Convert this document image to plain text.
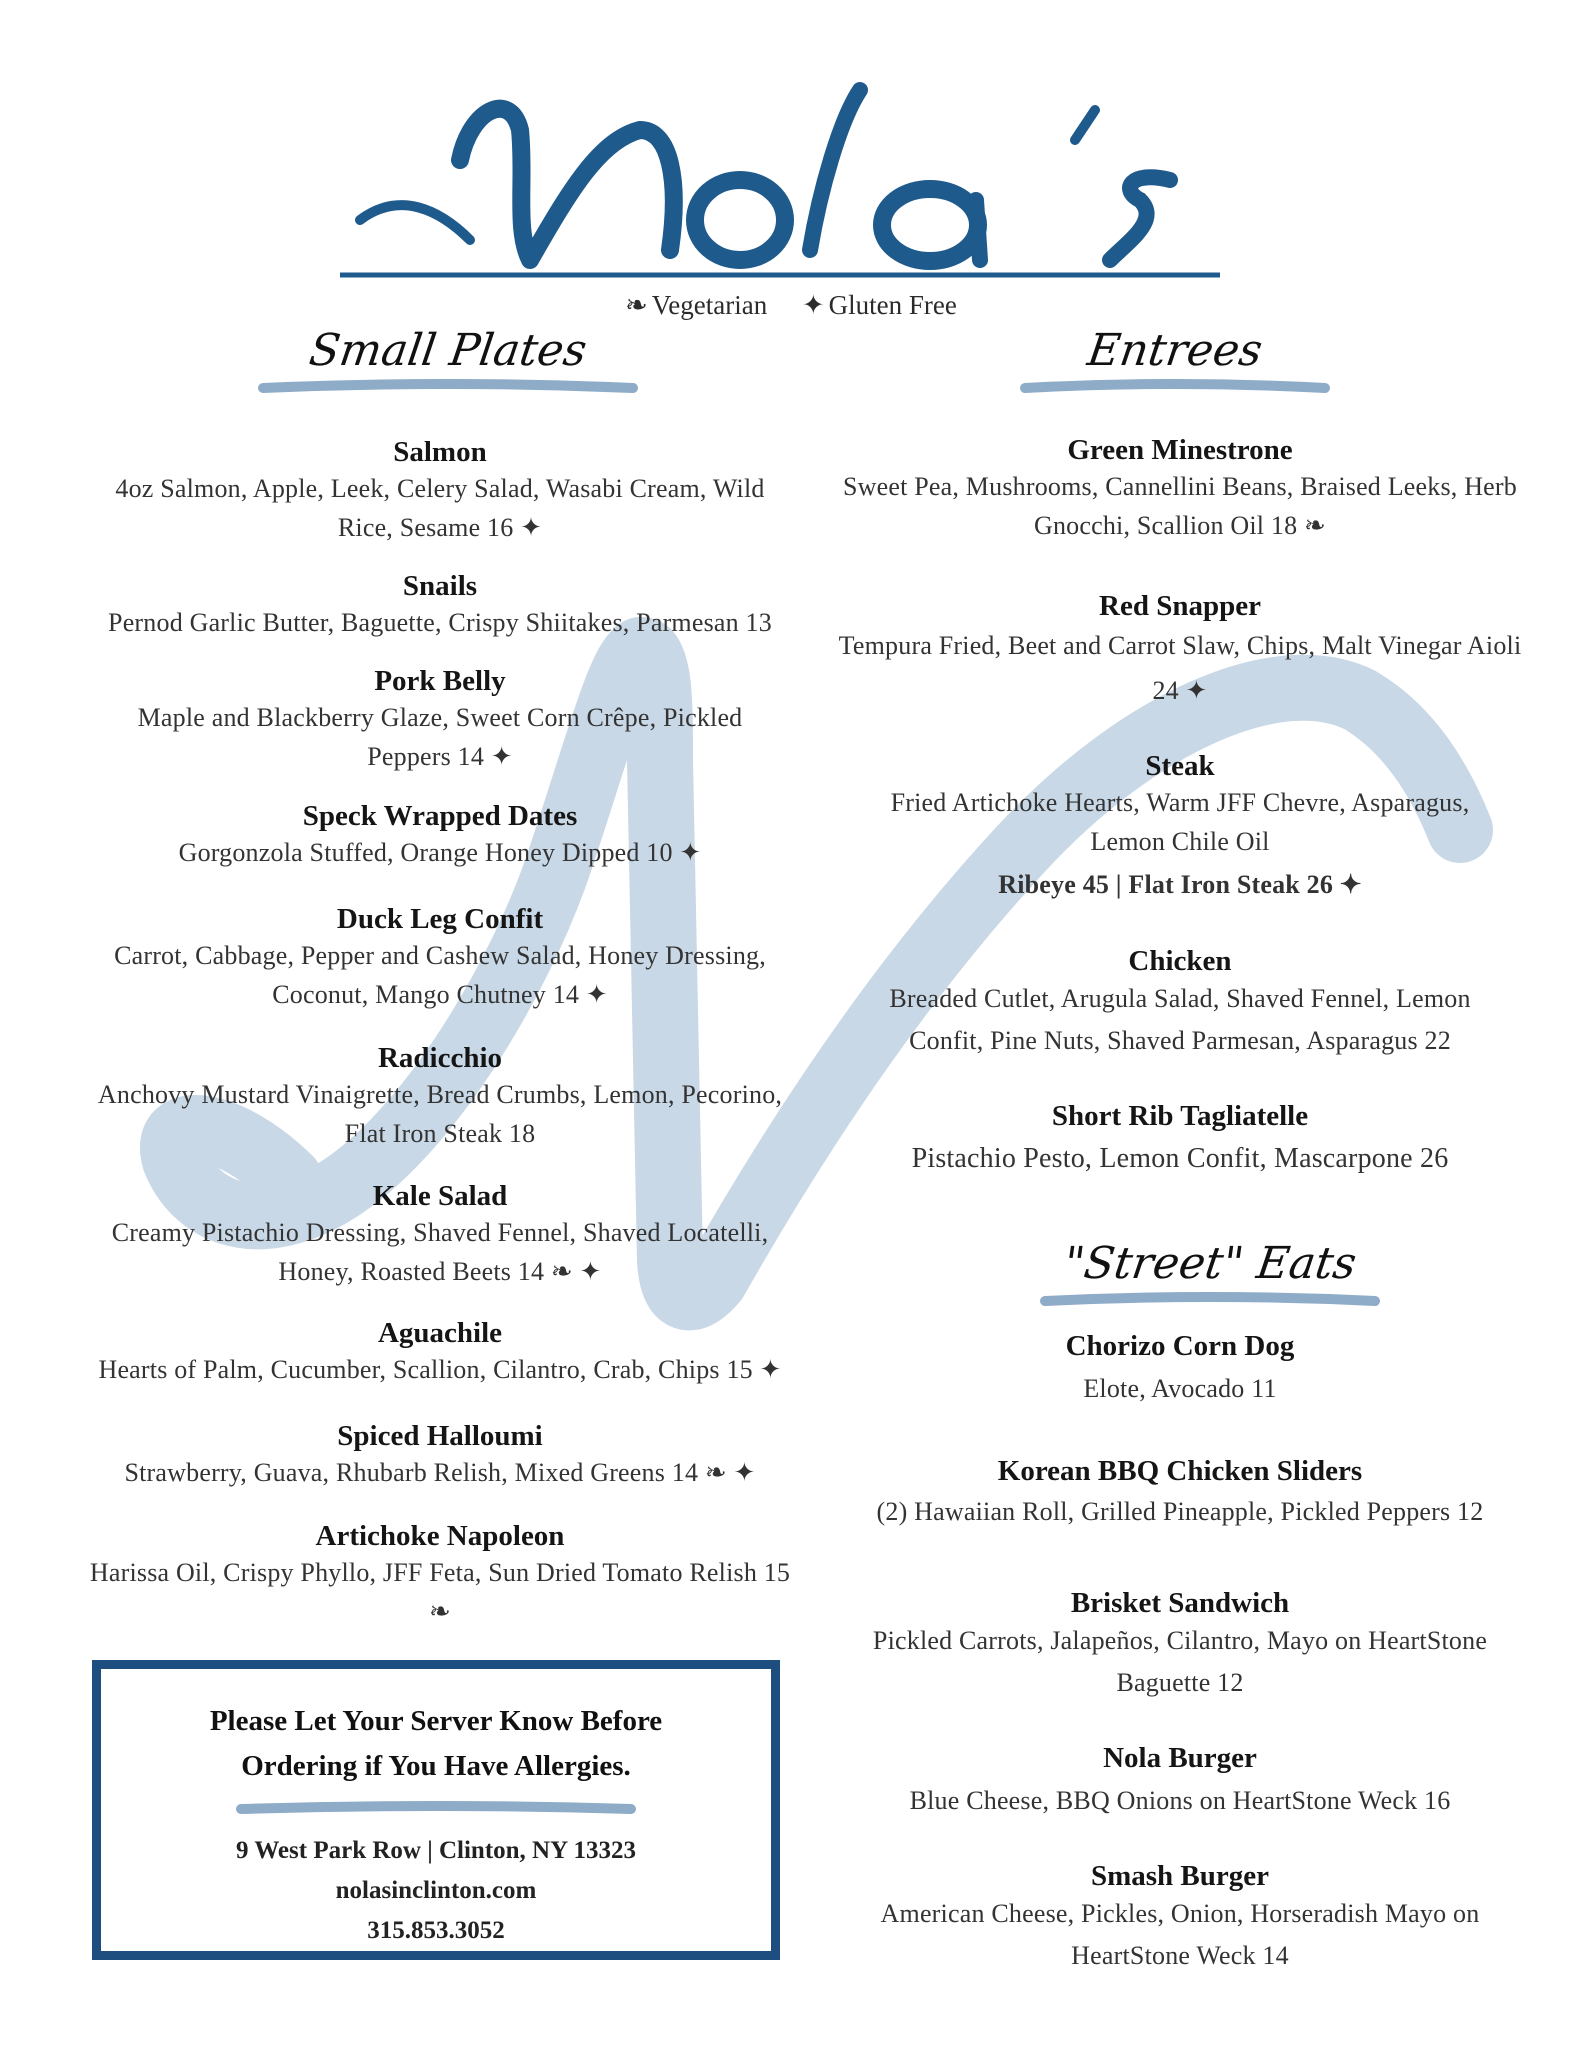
❧ Vegetarian ✦ Gluten Free
Small Plates	Entrees
"Street" Eats
Salmon
4oz Salmon, Apple, Leek, Celery Salad, Wasabi Cream, Wild Rice, Sesame 16 ✦
Snails
Pernod Garlic Butter, Baguette, Crispy Shiitakes, Parmesan 13
Pork Belly
Maple and Blackberry Glaze, Sweet Corn Crêpe, Pickled Peppers 14 ✦
Speck Wrapped Dates
Gorgonzola Stuffed, Orange Honey Dipped 10 ✦
Duck Leg Confit
Carrot, Cabbage, Pepper and Cashew Salad, Honey Dressing, Coconut, Mango Chutney 14 ✦
Radicchio
Anchovy Mustard Vinaigrette, Bread Crumbs, Lemon, Pecorino, Flat Iron Steak 18
Kale Salad
Creamy Pistachio Dressing, Shaved Fennel, Shaved Locatelli, Honey, Roasted Beets 14 ❧ ✦
Aguachile
Hearts of Palm, Cucumber, Scallion, Cilantro, Crab, Chips 15 ✦
Spiced Halloumi
Strawberry, Guava, Rhubarb Relish, Mixed Greens 14 ❧ ✦
Artichoke Napoleon
Harissa Oil, Crispy Phyllo, JFF Feta, Sun Dried Tomato Relish 15 ❧
Green Minestrone
Sweet Pea, Mushrooms, Cannellini Beans, Braised Leeks, Herb Gnocchi, Scallion Oil 18 ❧
Red Snapper
Tempura Fried, Beet and Carrot Slaw, Chips, Malt Vinegar Aioli 24 ✦
Steak
Fried Artichoke Hearts, Warm JFF Chevre, Asparagus, Lemon Chile Oil
Ribeye 45 | Flat Iron Steak 26 ✦
Chicken
Breaded Cutlet, Arugula Salad, Shaved Fennel, Lemon Confit, Pine Nuts, Shaved Parmesan, Asparagus 22
Short Rib Tagliatelle
Pistachio Pesto, Lemon Confit, Mascarpone 26
Chorizo Corn Dog
Elote, Avocado 11
Korean BBQ Chicken Sliders
(2) Hawaiian Roll, Grilled Pineapple, Pickled Peppers 12
Brisket Sandwich
Pickled Carrots, Jalapeños, Cilantro, Mayo on HeartStone Baguette 12
Nola Burger
Blue Cheese, BBQ Onions on HeartStone Weck 16
Smash Burger
American Cheese, Pickles, Onion, Horseradish Mayo on HeartStone Weck 14
Please Let Your Server Know Before
Ordering if You Have Allergies.
9 West Park Row | Clinton, NY 13323
nolasinclinton.com
315.853.3052
